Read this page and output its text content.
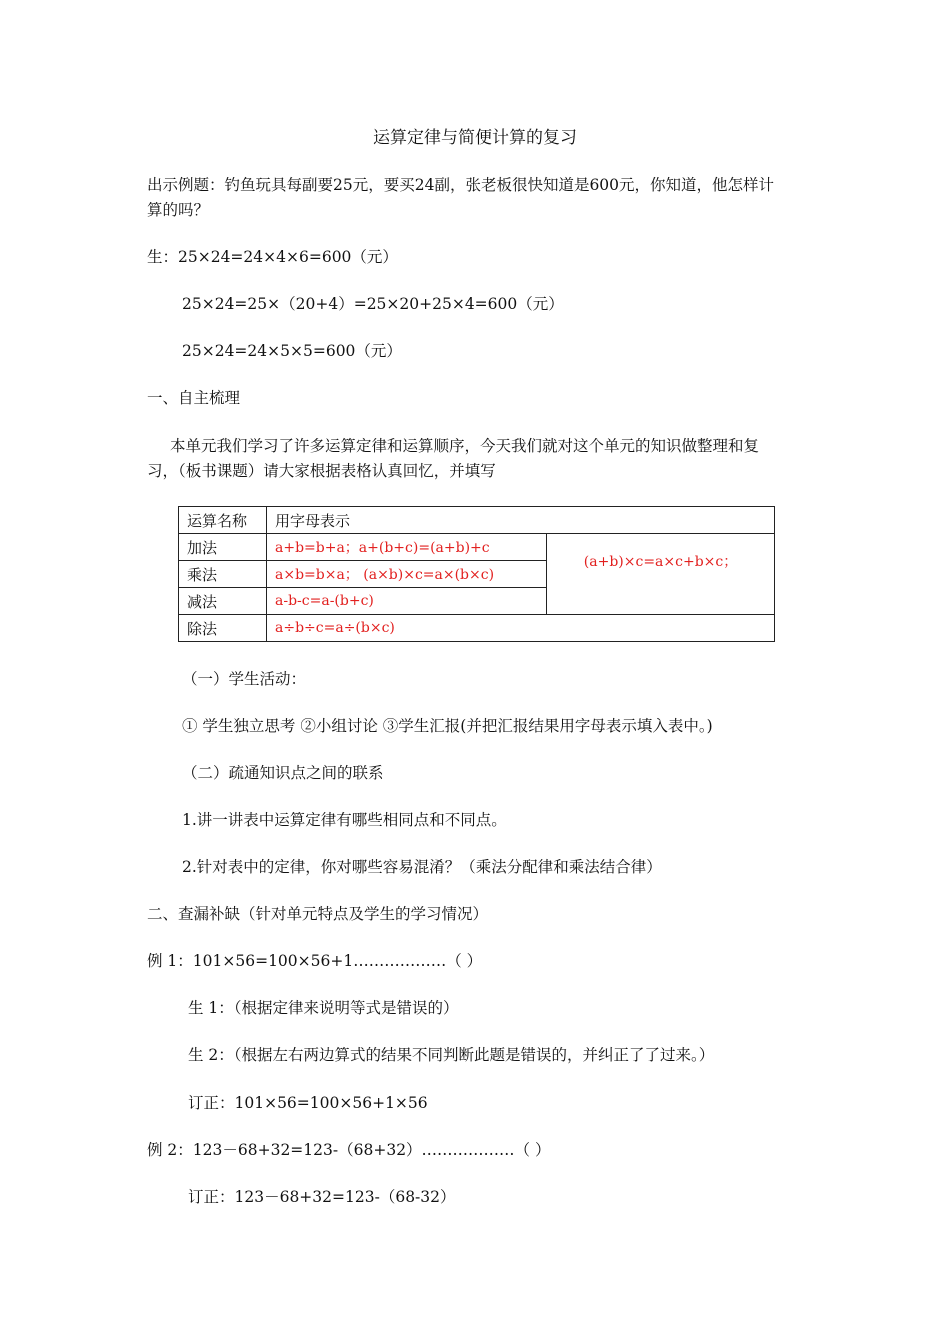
运算定律与简便计算的复习
出示例题：钓鱼玩具每副要25元，要买24副，张老板很快知道是600元，你知道，他怎样计
算的吗？
生：25×24=24×4×6=600（元）
25×24=25×（20+4）=25×20+25×4=600（元）
25×24=24×5×5=600（元）
一、自主梳理
本单元我们学习了许多运算定律和运算顺序，今天我们就对这个单元的知识做整理和复
习，（板书课题）请大家根据表格认真回忆，并填写
运算名称	用字母表示	
加法	a+b=b+a；a+(b+c)=(a+b)+c	(a+b)×c=a×c+b×c；
乘法	a×b=b×a； (a×b)×c=a×(b×c)	
减法	a-b-c=a-(b+c)	
除法	a÷b÷c=a÷(b×c)	
（一）学生活动：
① 学生独立思考 ②小组讨论 ③学生汇报(并把汇报结果用字母表示填入表中。)
（二）疏通知识点之间的联系
1.讲一讲表中运算定律有哪些相同点和不同点。
2.针对表中的定律，你对哪些容易混淆？（乘法分配律和乘法结合律）
二、查漏补缺（针对单元特点及学生的学习情况）
例 1：101×56=100×56+1………………（ ）
生 1：（根据定律来说明等式是错误的）
生 2：（根据左右两边算式的结果不同判断此题是错误的，并纠正了了过来。）
订正：101×56=100×56+1×56
例 2：123－68+32=123-（68+32）………………（ ）
订正：123－68+32=123-（68-32）
